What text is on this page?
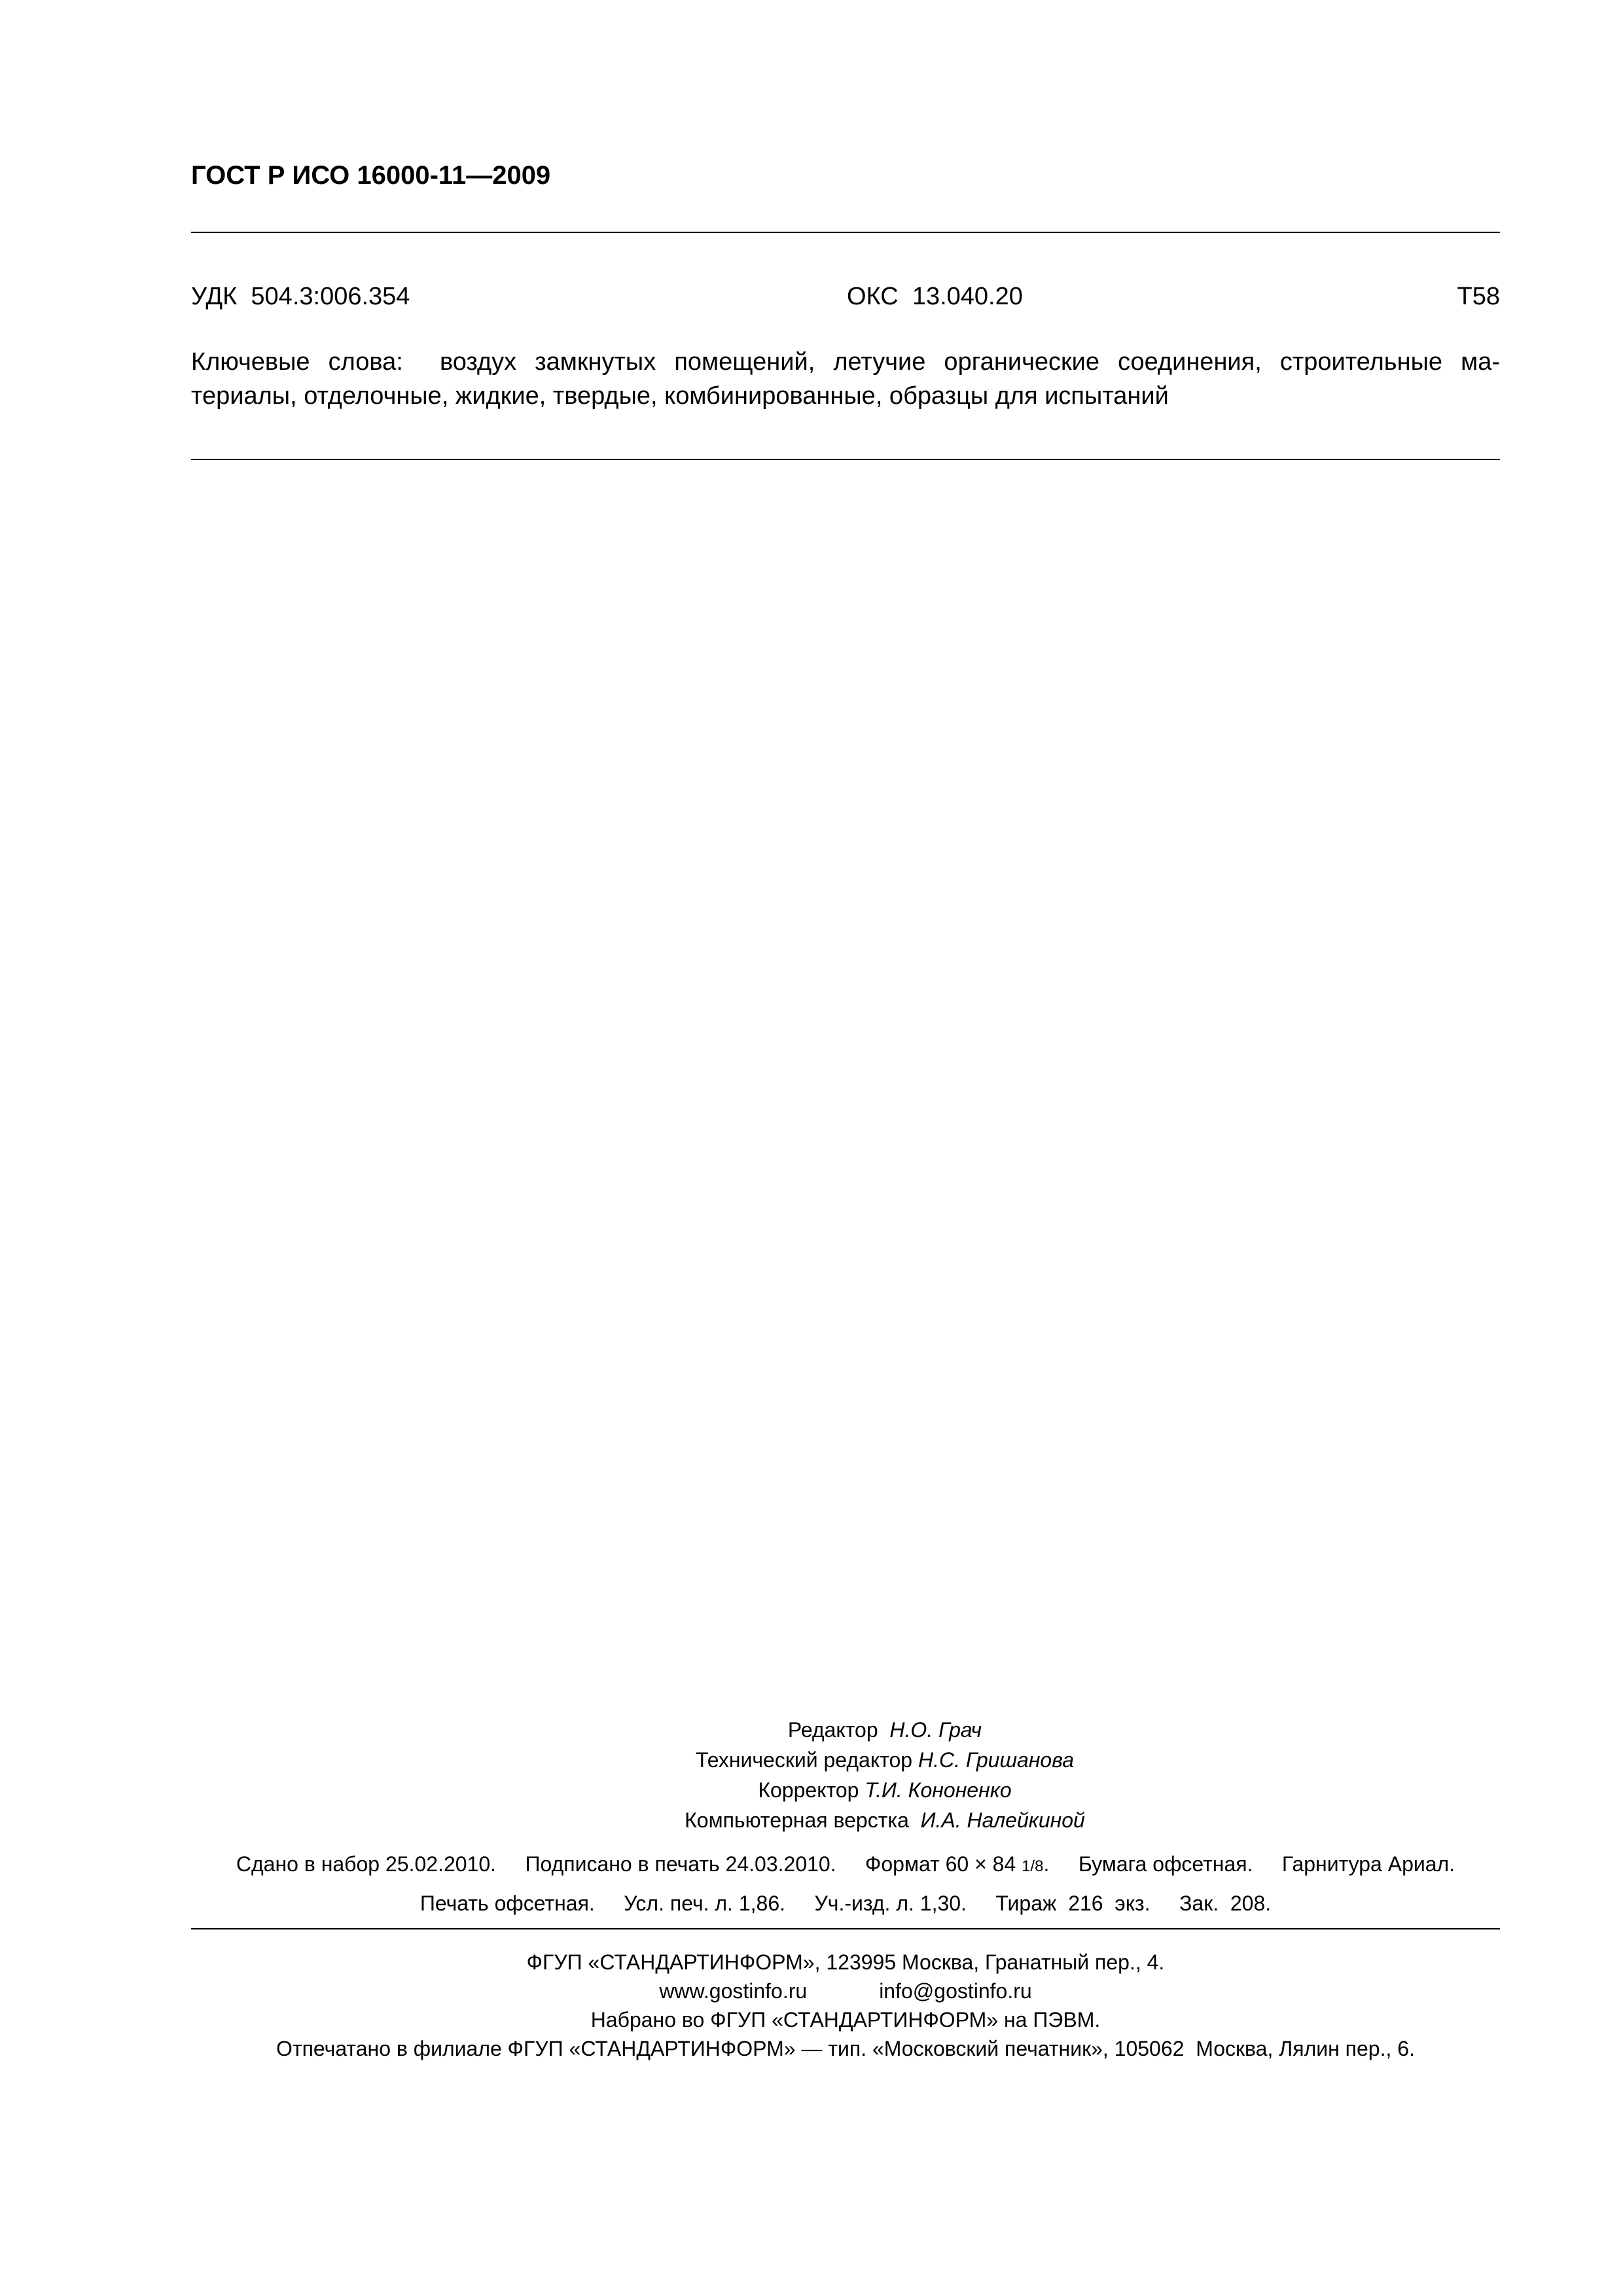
ГОСТ Р ИСО 16000-11—2009
УДК  504.3:006.354	ОКС  13.040.20	Т58
Ключевые слова:  воздух замкнутых помещений, летучие органические соединения, строительные ма-
териалы, отделочные, жидкие, твердые, комбинированные, образцы для испытаний
Редактор Н.О. Грач
Технический редактор Н.С. Гришанова
Корректор Т.И. Кононенко
Компьютерная верстка И.А. Налейкиной
Сдано в набор 25.02.2010.     Подписано в печать 24.03.2010.     Формат 60 × 84 1/8.     Бумага офсетная.     Гарнитура Ариал.
Печать офсетная.     Усл. печ. л. 1,86.     Уч.-изд. л. 1,30.     Тираж  216  экз.     Зак.  208.
ФГУП «СТАНДАРТИНФОРМ», 123995 Москва, Гранатный пер., 4.
www.gostinfo.ru	info@gostinfo.ru
Набрано во ФГУП «СТАНДАРТИНФОРМ» на ПЭВМ.
Отпечатано в филиале ФГУП «СТАНДАРТИНФОРМ» — тип. «Московский печатник», 105062  Москва, Лялин пер., 6.
